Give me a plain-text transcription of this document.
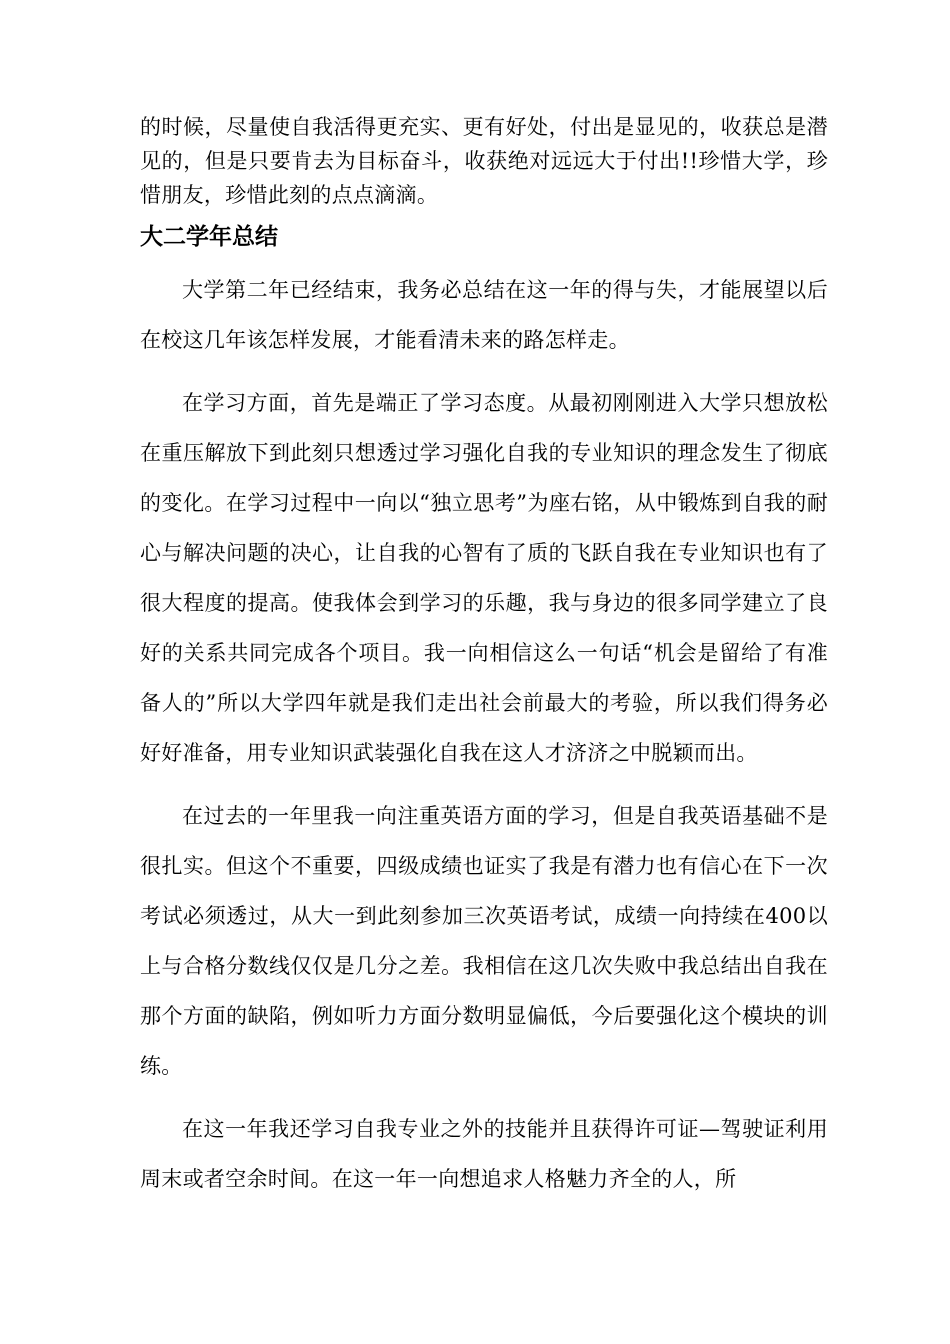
的时候，尽量使自我活得更充实、更有好处，付出是显见的，收获总是潜见的，但是只要肯去为目标奋斗，收获绝对远远大于付出!!珍惜大学，珍惜朋友，珍惜此刻的点点滴滴。

大二学年总结

大学第二年已经结束，我务必总结在这一年的得与失，才能展望以后在校这几年该怎样发展，才能看清未来的路怎样走。

在学习方面，首先是端正了学习态度。从最初刚刚进入大学只想放松在重压解放下到此刻只想透过学习强化自我的专业知识的理念发生了彻底的变化。在学习过程中一向以“独立思考”为座右铭，从中锻炼到自我的耐心与解决问题的决心，让自我的心智有了质的飞跃自我在专业知识也有了很大程度的提高。使我体会到学习的乐趣，我与身边的很多同学建立了良好的关系共同完成各个项目。我一向相信这么一句话“机会是留给了有准备人的”所以大学四年就是我们走出社会前最大的考验，所以我们得务必好好准备，用专业知识武装强化自我在这人才济济之中脱颖而出。

在过去的一年里我一向注重英语方面的学习，但是自我英语基础不是很扎实。但这个不重要，四级成绩也证实了我是有潜力也有信心在下一次考试必须透过，从大一到此刻参加三次英语考试，成绩一向持续在400以上与合格分数线仅仅是几分之差。我相信在这几次失败中我总结出自我在那个方面的缺陷，例如听力方面分数明显偏低，今后要强化这个模块的训练。

在这一年我还学习自我专业之外的技能并且获得许可证—驾驶证利用周末或者空余时间。在这一年一向想追求人格魅力齐全的人，所
